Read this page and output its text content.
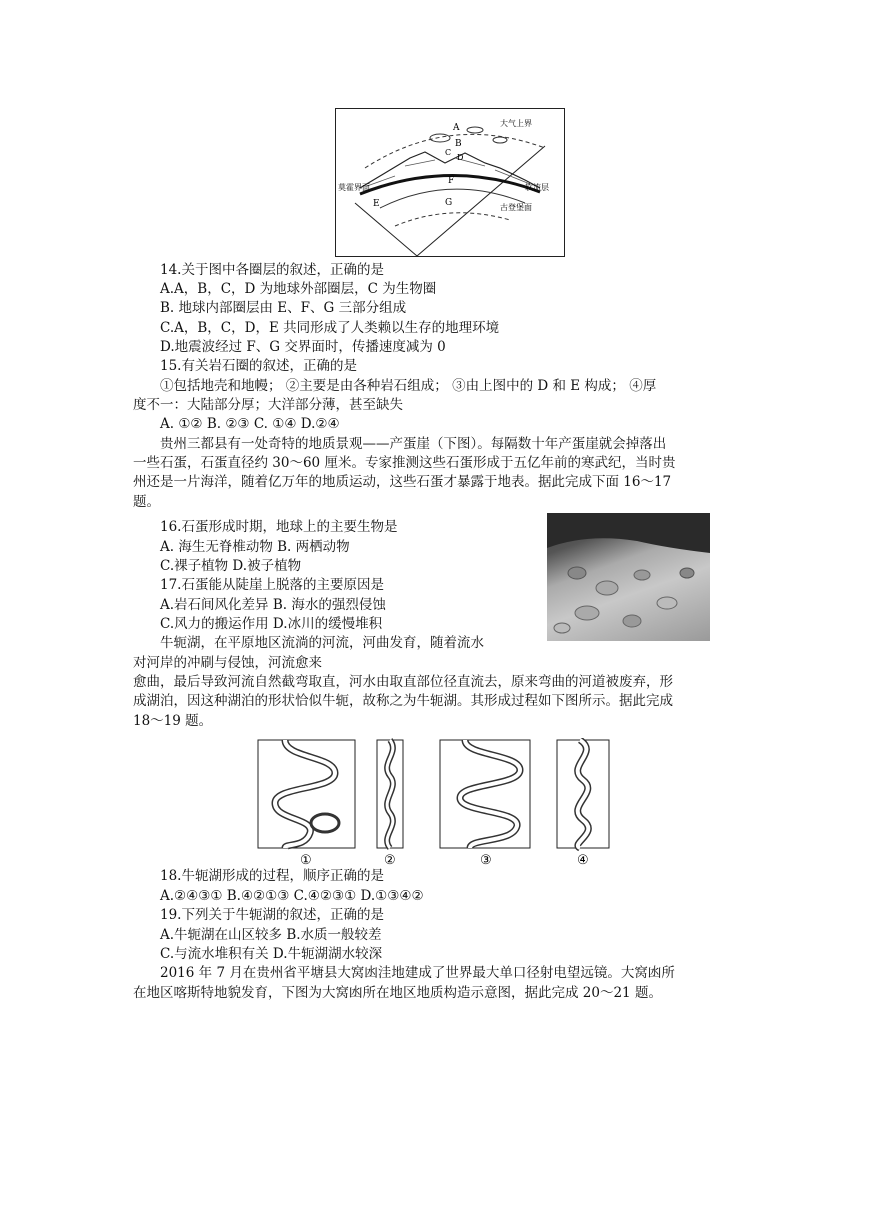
A
B
C
D
F
G
E
大气上界
莫霍界面	软流层
古登堡面
14.关于图中各圈层的叙述，正确的是
A.A，B，C，D 为地球外部圈层，C 为生物圈
B. 地球内部圈层由 E、F、G 三部分组成
C.A，B，C，D，E 共同形成了人类赖以生存的地理环境
D.地震波经过 F、G 交界面时，传播速度减为 0
15.有关岩石圈的叙述，正确的是
①包括地壳和地幔； ②主要是由各种岩石组成； ③由上图中的 D 和 E 构成； ④厚
度不一：大陆部分厚；大洋部分薄，甚至缺失
A. ①② B. ②③ C. ①④ D.②④
贵州三都县有一处奇特的地质景观——产蛋崖（下图）。每隔数十年产蛋崖就会掉落出
一些石蛋，石蛋直径约 30～60 厘米。专家推测这些石蛋形成于五亿年前的寒武纪，当时贵
州还是一片海洋，随着亿万年的地质运动，这些石蛋才暴露于地表。据此完成下面 16～17
题。
16.石蛋形成时期，地球上的主要生物是
A. 海生无脊椎动物 B. 两栖动物
C.裸子植物 D.被子植物
17.石蛋能从陡崖上脱落的主要原因是
A.岩石间风化差异 B. 海水的强烈侵蚀
C.风力的搬运作用 D.冰川的缓慢堆积
牛轭湖，在平原地区流淌的河流，河曲发育，随着流水
对河岸的冲刷与侵蚀，河流愈来
愈曲，最后导致河流自然截弯取直，河水由取直部位径直流去，原来弯曲的河道被废弃，形
成湖泊，因这种湖泊的形状恰似牛轭，故称之为牛轭湖。其形成过程如下图所示。据此完成
18～19 题。
①	②	③	④
18.牛轭湖形成的过程，顺序正确的是
A.②④③① B.④②①③ C.④②③① D.①③④②
19.下列关于牛轭湖的叙述，正确的是
A.牛轭湖在山区较多 B.水质一般较差
C.与流水堆积有关 D.牛轭湖湖水较深
2016 年 7 月在贵州省平塘县大窝凼洼地建成了世界最大单口径射电望远镜。大窝凼所
在地区喀斯特地貌发育，下图为大窝凼所在地区地质构造示意图，据此完成 20～21 题。
